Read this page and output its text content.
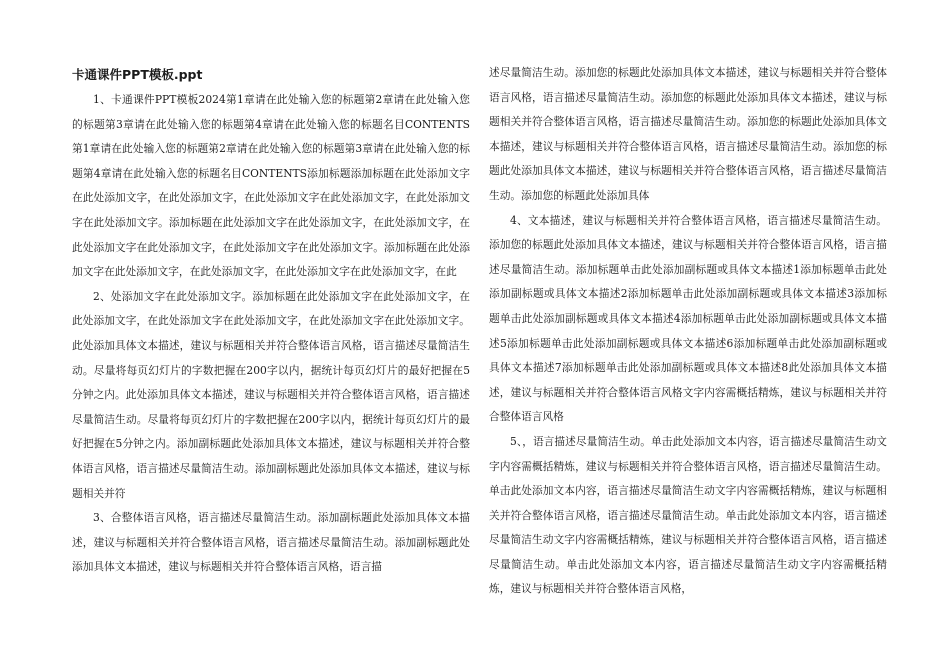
卡通课件PPT模板.ppt

1、卡通课件PPT模板2024第1章请在此处输入您的标题第2章请在此处输入您的标题第3章请在此处输入您的标题第4章请在此处输入您的标题名目CONTENTS第1章请在此处输入您的标题第2章请在此处输入您的标题第3章请在此处输入您的标题第4章请在此处输入您的标题名目CONTENTS添加标题添加标题在此处添加文字在此处添加文字，在此处添加文字，在此处添加文字在此处添加文字，在此处添加文字在此处添加文字。添加标题在此处添加文字在此处添加文字，在此处添加文字，在此处添加文字在此处添加文字，在此处添加文字在此处添加文字。添加标题在此处添加文字在此处添加文字，在此处添加文字，在此处添加文字在此处添加文字，在此

2、处添加文字在此处添加文字。添加标题在此处添加文字在此处添加文字，在此处添加文字，在此处添加文字在此处添加文字，在此处添加文字在此处添加文字。此处添加具体文本描述，建议与标题相关并符合整体语言风格，语言描述尽量简洁生动。尽量将每页幻灯片的字数把握在200字以内，据统计每页幻灯片的最好把握在5分钟之内。此处添加具体文本描述，建议与标题相关并符合整体语言风格，语言描述尽量简洁生动。尽量将每页幻灯片的字数把握在200字以内，据统计每页幻灯片的最好把握在5分钟之内。添加副标题此处添加具体文本描述，建议与标题相关并符合整体语言风格，语言描述尽量简洁生动。添加副标题此处添加具体文本描述，建议与标题相关并符

3、合整体语言风格，语言描述尽量简洁生动。添加副标题此处添加具体文本描述，建议与标题相关并符合整体语言风格，语言描述尽量简洁生动。添加副标题此处添加具体文本描述，建议与标题相关并符合整体语言风格，语言描

述尽量简洁生动。添加您的标题此处添加具体文本描述，建议与标题相关并符合整体语言风格，语言描述尽量简洁生动。添加您的标题此处添加具体文本描述，建议与标题相关并符合整体语言风格，语言描述尽量简洁生动。添加您的标题此处添加具体文本描述，建议与标题相关并符合整体语言风格，语言描述尽量简洁生动。添加您的标题此处添加具体文本描述，建议与标题相关并符合整体语言风格，语言描述尽量简洁生动。添加您的标题此处添加具体

4、文本描述，建议与标题相关并符合整体语言风格，语言描述尽量简洁生动。添加您的标题此处添加具体文本描述，建议与标题相关并符合整体语言风格，语言描述尽量简洁生动。添加标题单击此处添加副标题或具体文本描述1添加标题单击此处添加副标题或具体文本描述2添加标题单击此处添加副标题或具体文本描述3添加标题单击此处添加副标题或具体文本描述4添加标题单击此处添加副标题或具体文本描述5添加标题单击此处添加副标题或具体文本描述6添加标题单击此处添加副标题或具体文本描述7添加标题单击此处添加副标题或具体文本描述8此处添加具体文本描述，建议与标题相关并符合整体语言风格文字内容需概括精炼，建议与标题相关并符合整体语言风格

5、，语言描述尽量简洁生动。单击此处添加文本内容，语言描述尽量简洁生动文字内容需概括精炼，建议与标题相关并符合整体语言风格，语言描述尽量简洁生动。单击此处添加文本内容，语言描述尽量简洁生动文字内容需概括精炼，建议与标题相关并符合整体语言风格，语言描述尽量简洁生动。单击此处添加文本内容，语言描述尽量简洁生动文字内容需概括精炼，建议与标题相关并符合整体语言风格，语言描述尽量简洁生动。单击此处添加文本内容，语言描述尽量简洁生动文字内容需概括精炼，建议与标题相关并符合整体语言风格，
